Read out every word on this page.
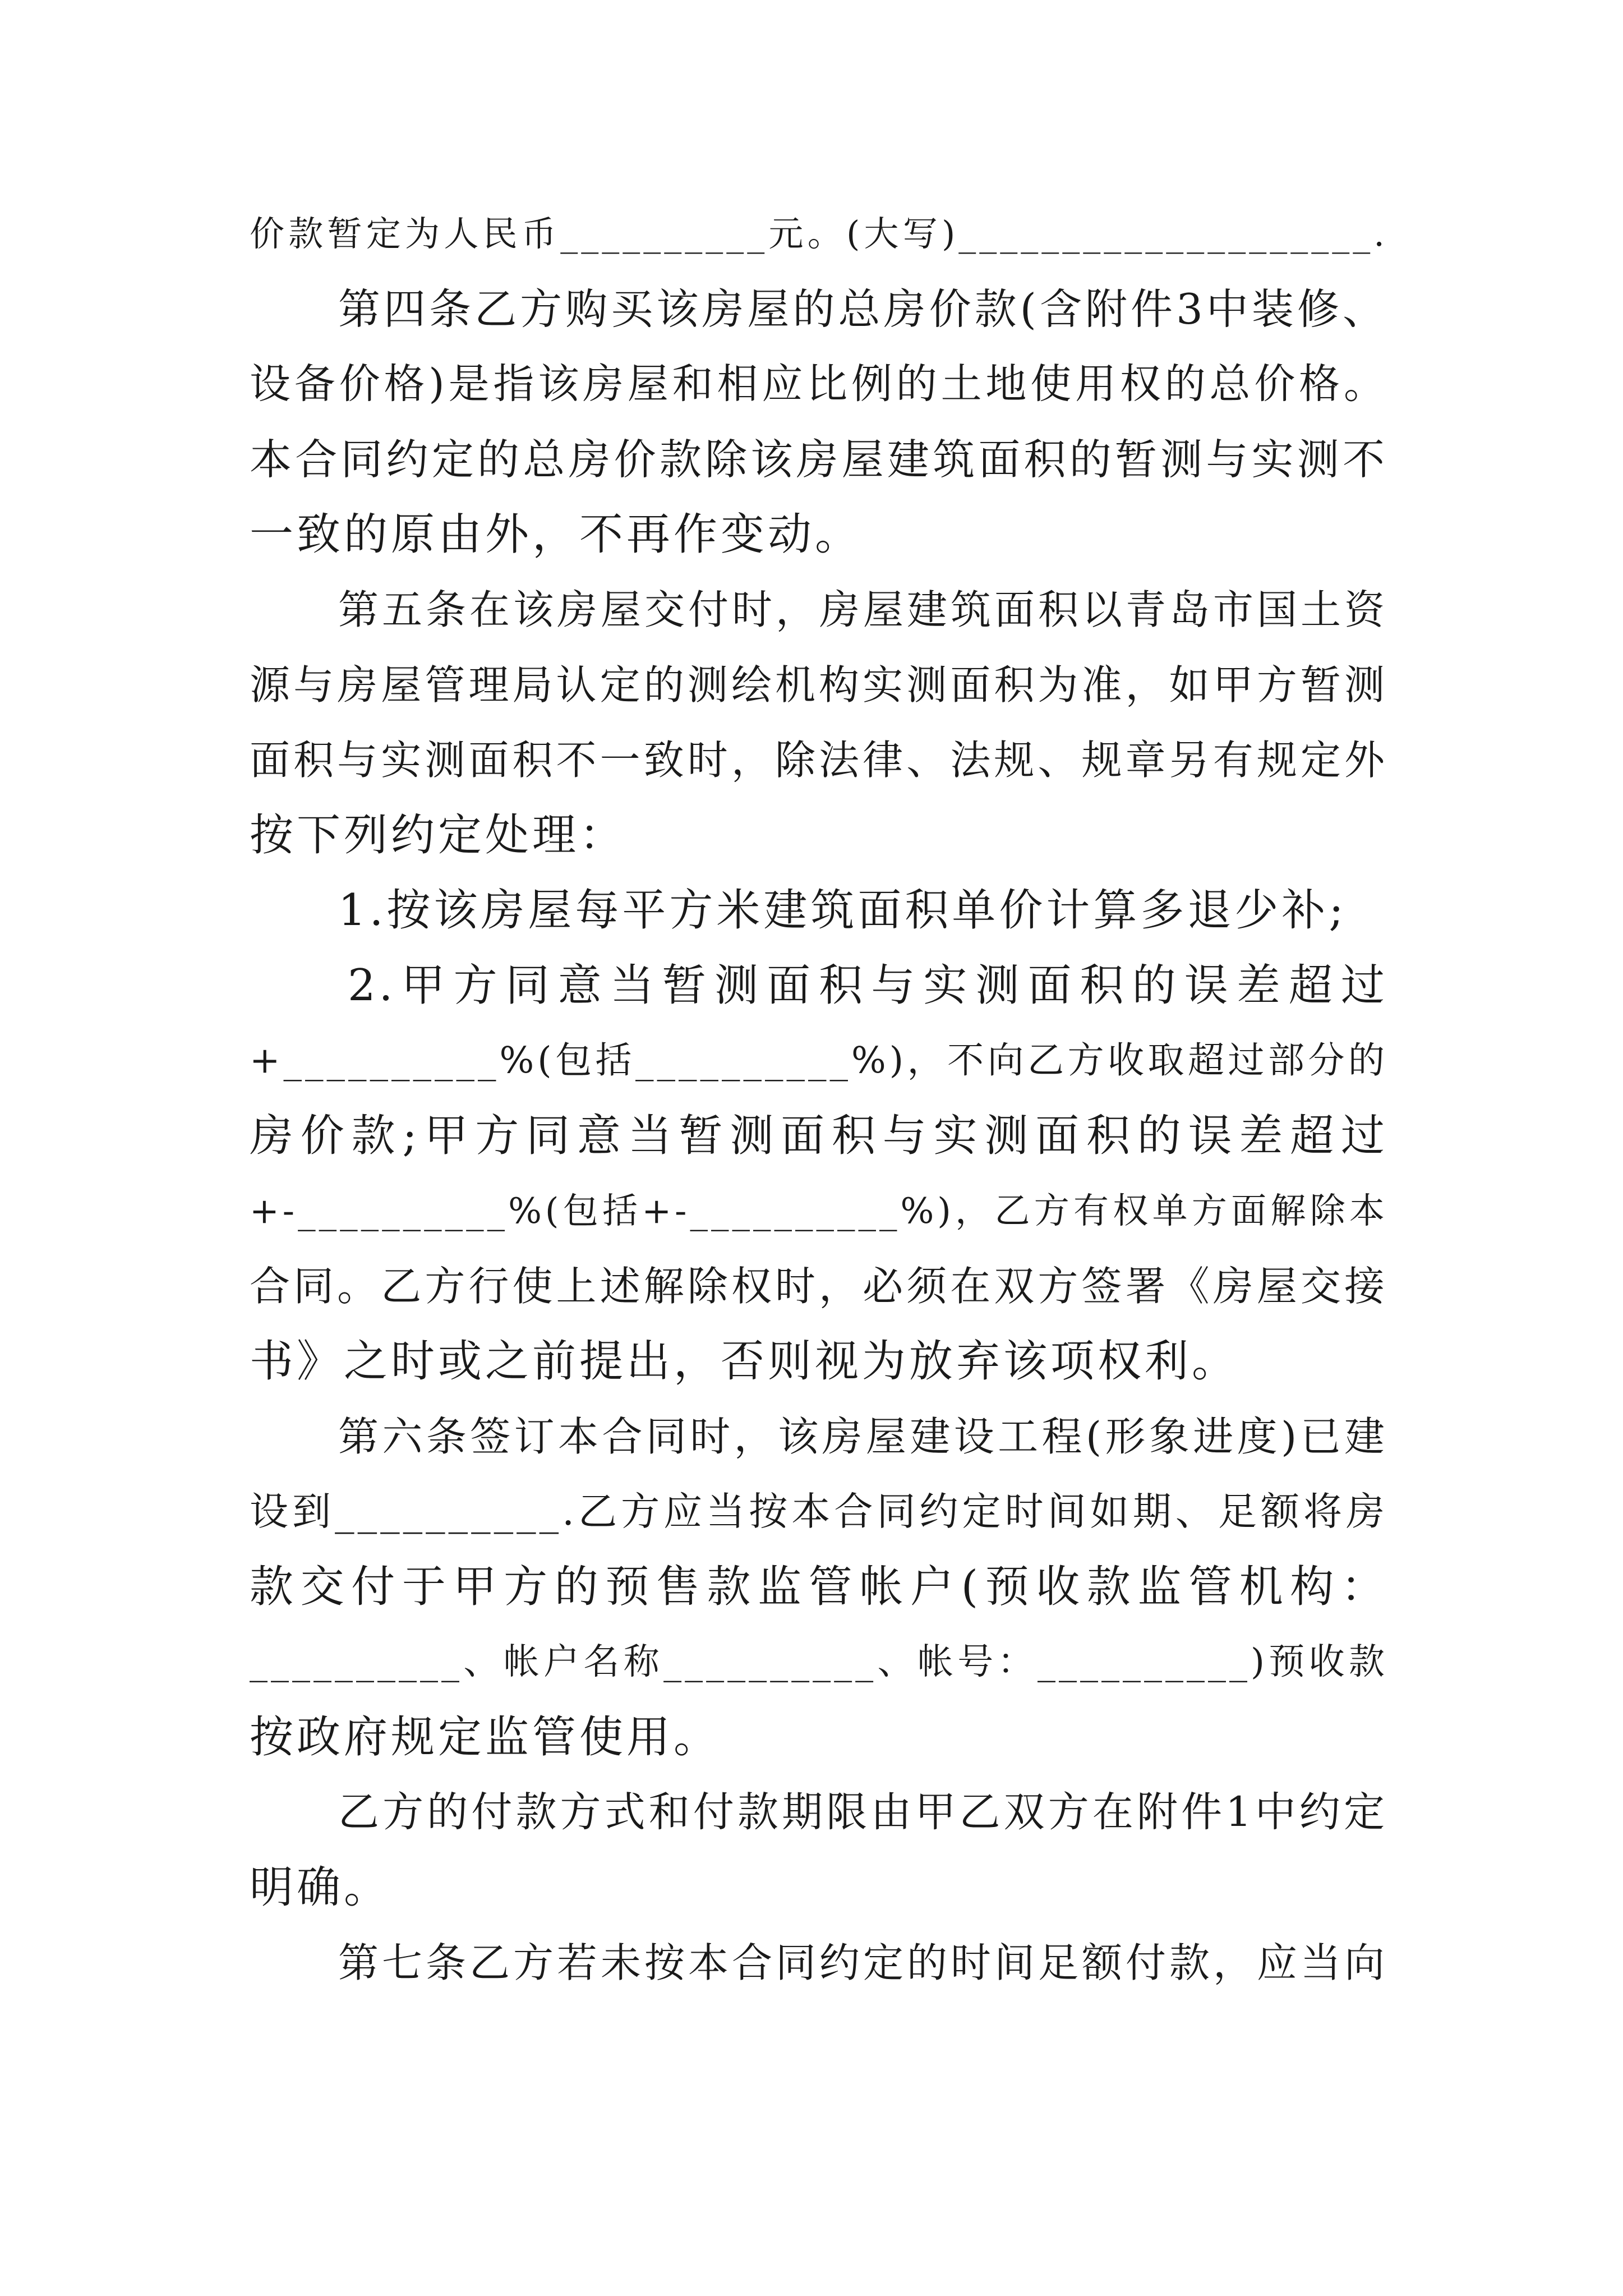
价款暂定为人民币__________元。(大写)____________________.
第四条乙方购买该房屋的总房价款(含附件3中装修、
设备价格)是指该房屋和相应比例的土地使用权的总价格。
本合同约定的总房价款除该房屋建筑面积的暂测与实测不
一致的原由外，不再作变动。
第五条在该房屋交付时，房屋建筑面积以青岛市国土资
源与房屋管理局认定的测绘机构实测面积为准，如甲方暂测
面积与实测面积不一致时，除法律、法规、规章另有规定外
按下列约定处理：
1.按该房屋每平方米建筑面积单价计算多退少补;
2.甲方同意当暂测面积与实测面积的误差超过
+__________%(包括__________%)，不向乙方收取超过部分的
房价款;甲方同意当暂测面积与实测面积的误差超过
+-__________%(包括+-__________%)，乙方有权单方面解除本
合同。乙方行使上述解除权时，必须在双方签署《房屋交接
书》之时或之前提出，否则视为放弃该项权利。
第六条签订本合同时，该房屋建设工程(形象进度)已建
设到__________.乙方应当按本合同约定时间如期、足额将房
款交付于甲方的预售款监管帐户(预收款监管机构：
__________、帐户名称__________、帐号：__________)预收款
按政府规定监管使用。
乙方的付款方式和付款期限由甲乙双方在附件1中约定
明确。
第七条乙方若未按本合同约定的时间足额付款，应当向
